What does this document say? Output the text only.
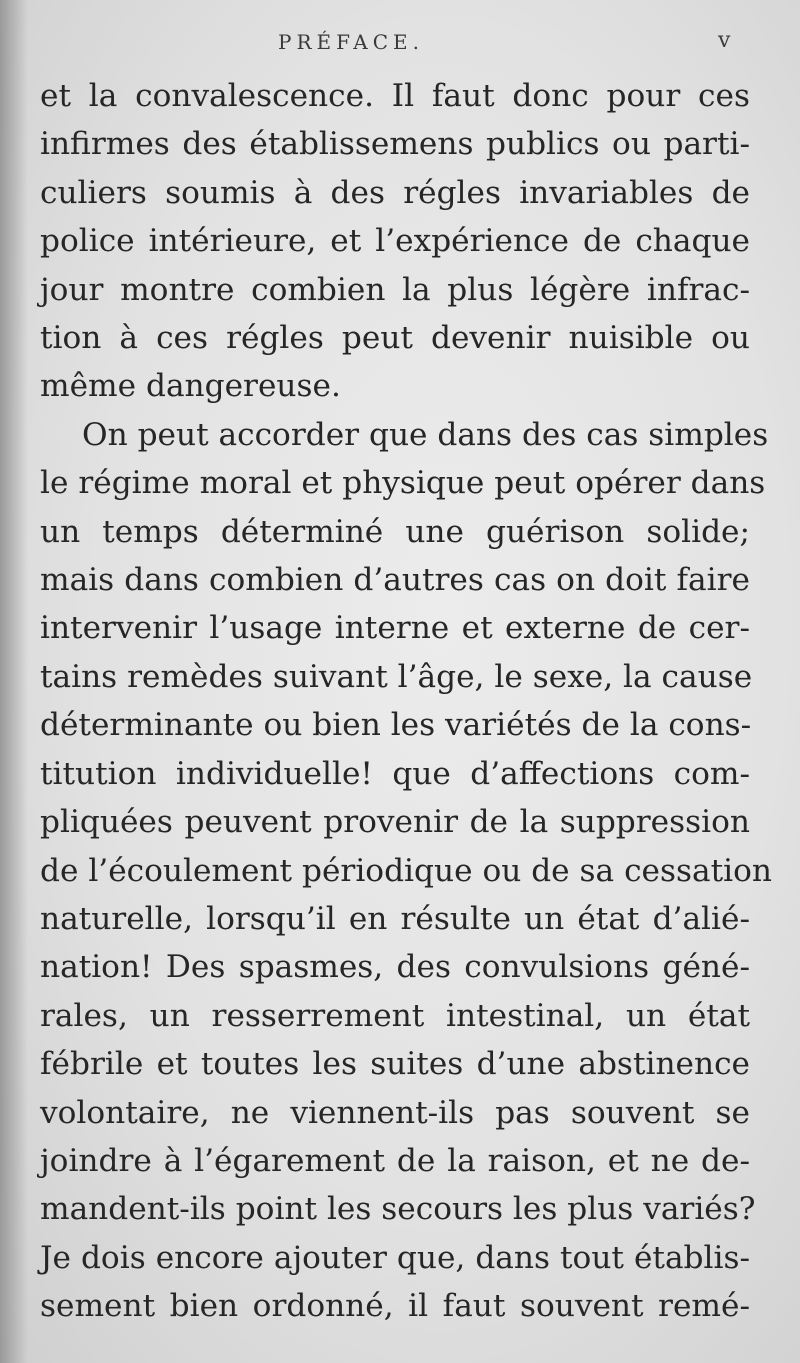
PRÉFACE.	v
et la convalescence. Il faut donc pour ces
infirmes des établissemens publics ou parti-
culiers soumis à des régles invariables de
police intérieure, et l’expérience de chaque
jour montre combien la plus légère infrac-
tion à ces régles peut devenir nuisible ou
même dangereuse.
On peut accorder que dans des cas simples
le régime moral et physique peut opérer dans
un temps déterminé une guérison solide;
mais dans combien d’autres cas on doit faire
intervenir l’usage interne et externe de cer-
tains remèdes suivant l’âge, le sexe, la cause
déterminante ou bien les variétés de la cons-
titution individuelle! que d’affections com-
pliquées peuvent provenir de la suppression
de l’écoulement périodique ou de sa cessation
naturelle, lorsqu’il en résulte un état d’alié-
nation! Des spasmes, des convulsions géné-
rales, un resserrement intestinal, un état
fébrile et toutes les suites d’une abstinence
volontaire, ne viennent-ils pas souvent se
joindre à l’égarement de la raison, et ne de-
mandent-ils point les secours les plus variés?
Je dois encore ajouter que, dans tout établis-
sement bien ordonné, il faut souvent remé-
